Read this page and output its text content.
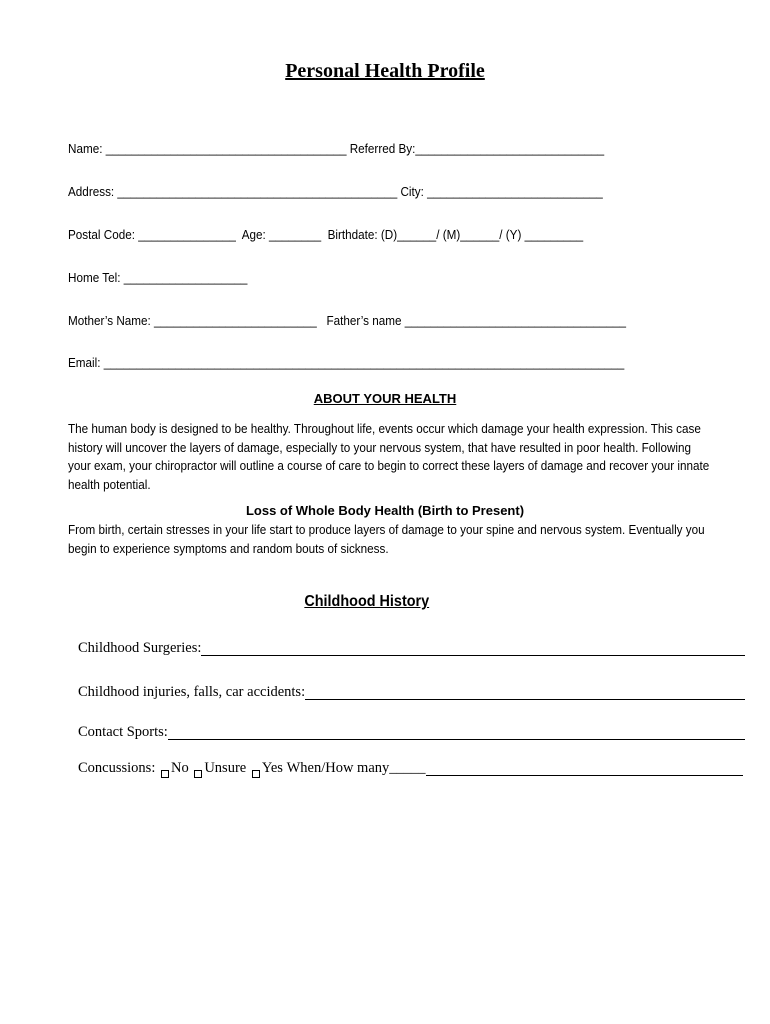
Personal Health Profile
Name: _____________________________________ Referred By:_____________________________
Address: ___________________________________________ City: ___________________________
Postal Code: _______________  Age: ________  Birthdate: (D)______/ (M)______/ (Y) _________
Home Tel: ___________________
Mother’s Name: _________________________   Father’s name __________________________________
Email: ________________________________________________________________________________
ABOUT YOUR HEALTH
The human body is designed to be healthy. Throughout life, events occur which damage your health expression. This case
history will uncover the layers of damage, especially to your nervous system, that have resulted in poor health. Following
your exam, your chiropractor will outline a course of care to begin to correct these layers of damage and recover your innate
health potential.
Loss of Whole Body Health (Birth to Present)
From birth, certain stresses in your life start to produce layers of damage to your spine and nervous system. Eventually you
begin to experience symptoms and random bouts of sickness.
Childhood History
Childhood Surgeries:
Childhood injuries, falls, car accidents:
Contact Sports:
Concussions:
No
Unsure
Yes
When/How many_____
